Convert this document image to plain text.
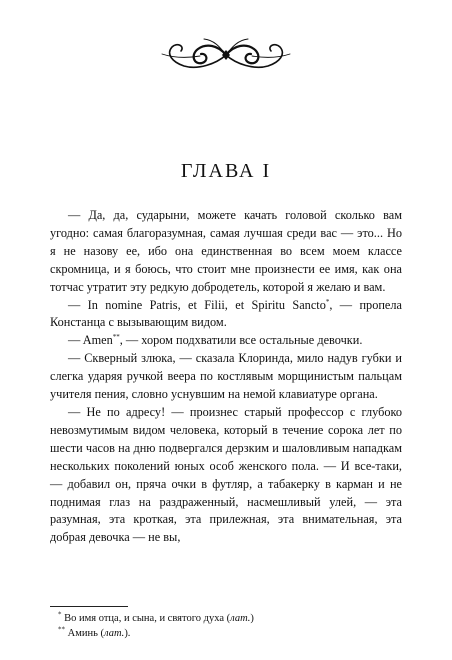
ГЛАВА I

— Да, да, сударыни, можете качать головой сколько вам угодно: самая благоразумная, самая лучшая среди вас — это... Но я не назову ее, ибо она единственная во всем моем классе скромница, и я боюсь, что стоит мне произнести ее имя, как она тотчас утратит эту редкую добродетель, которой я желаю и вам.

— In nomine Patris, et Filii, et Spiritu Sancto*, — пропела Констанца с вызывающим видом.

— Amen**, — хором подхватили все остальные девочки.

— Скверный злюка, — сказала Клоринда, мило надув губки и слегка ударяя ручкой веера по костлявым морщинистым пальцам учителя пения, словно уснувшим на немой клавиатуре органа.

— Не по адресу! — произнес старый профессор с глубоко невозмутимым видом человека, который в течение сорока лет по шести часов на дню подвергался дерзким и шаловливым нападкам нескольких поколений юных особ женского пола. — И все-таки, — добавил он, пряча очки в футляр, а табакерку в карман и не поднимая глаз на раздраженный, насмешливый улей, — эта разумная, эта кроткая, эта прилежная, эта внимательная, эта добрая девочка — не вы,

* Во имя отца, и сына, и святого духа (лат.)
** Аминь (лат.).
